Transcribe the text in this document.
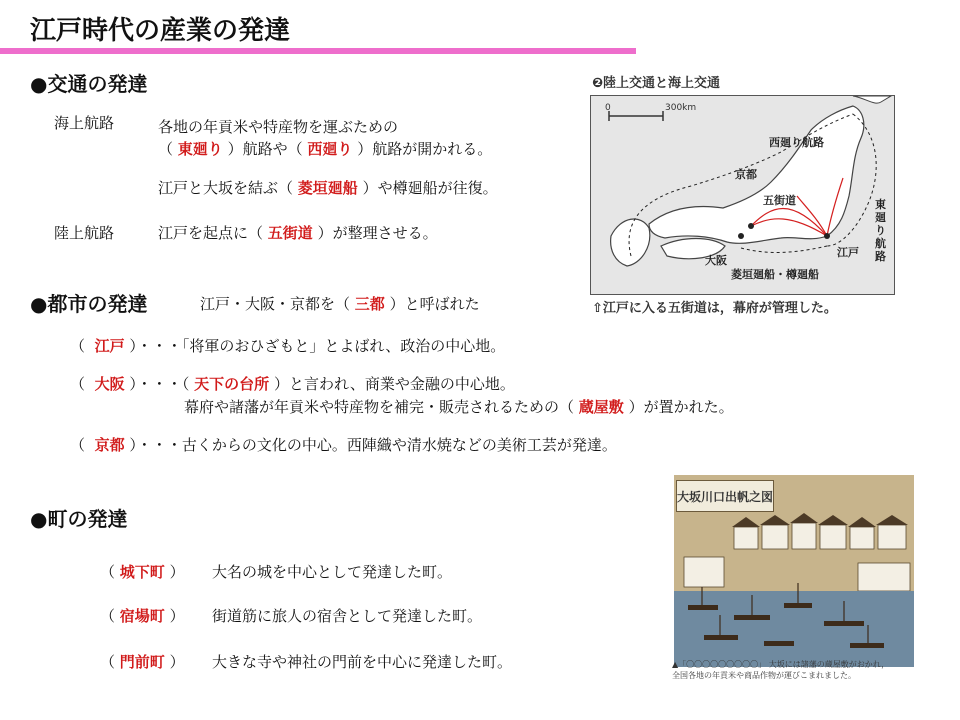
江戸時代の産業の発達
●交通の発達
海上航路	各地の年貢米や特産物を運ぶための
（ 東廻り ）航路や（ 西廻り ）航路が開かれる。
江戸と大坂を結ぶ（ 菱垣廻船 ）や樽廻船が往復。
陸上航路	江戸を起点に（ 五街道 ）が整理させる。
❷陸上交通と海上交通
0	300km
西廻り航路
京都
五街道
大阪
江戸
菱垣廻船・樽廻船
東廻り航路
⇧江戸に入る五街道は，幕府が管理した。
●都市の発達	江戸・大阪・京都を（ 三都 ）と呼ばれた
（ 江戸 ）・・・「将軍のおひざもと」とよばれ、政治の中心地。
（ 大阪 ）・・・（ 天下の台所 ）と言われ、商業や金融の中心地。
幕府や諸藩が年貢米や特産物を補完・販売されるための（ 蔵屋敷 ）が置かれた。
（ 京都 ）・・・古くからの文化の中心。西陣織や清水焼などの美術工芸が発達。
●町の発達
（ 城下町 ） 大名の城を中心として発達した町。
（ 宿場町 ） 街道筋に旅人の宿舎として発達した町。
（ 門前町 ） 大きな寺や神社の門前を中心に発達した町。
大坂川口出帆之図
▲「〇〇〇〇〇〇〇〇〇」 大坂には諸藩の蔵屋敷がおかれ，
全国各地の年貢米や商品作物が運びこまれました。
